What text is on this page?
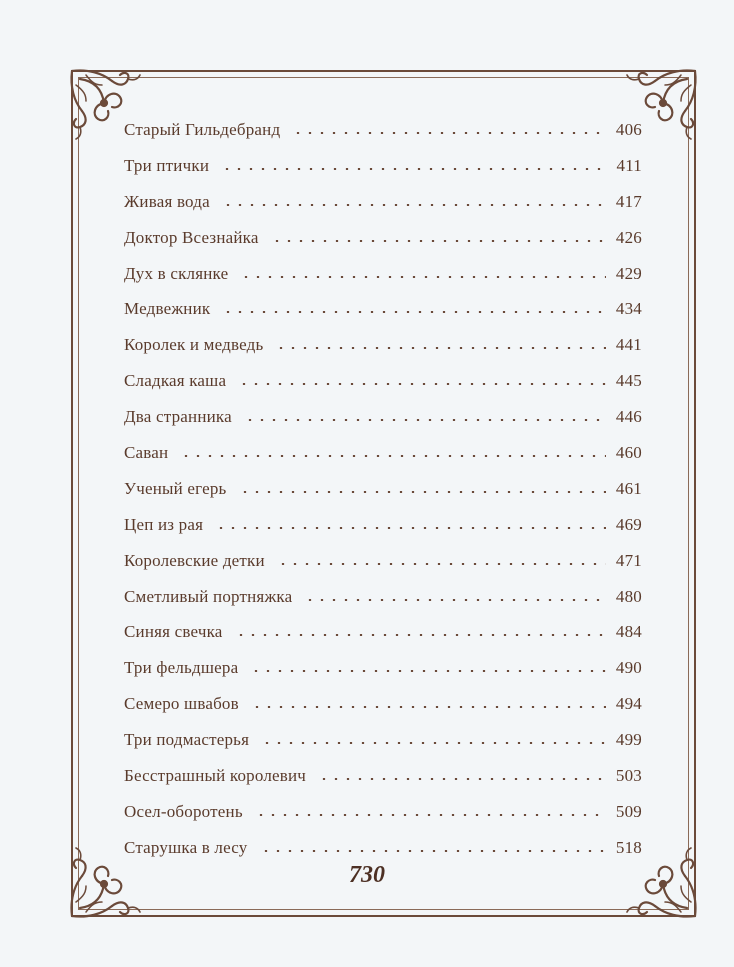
Старый Гильдебранд	406
Три птички	411
Живая вода	417
Доктор Всезнайка	426
Дух в склянке	429
Медвежник	434
Королек и медведь	441
Сладкая каша	445
Два странника	446
Саван	460
Ученый егерь	461
Цеп из рая	469
Королевские детки	471
Сметливый портняжка	480
Синяя свечка	484
Три фельдшера	490
Семеро швабов	494
Три подмастерья	499
Бесстрашный королевич	503
Осел-оборотень	509
Старушка в лесу	518
730
